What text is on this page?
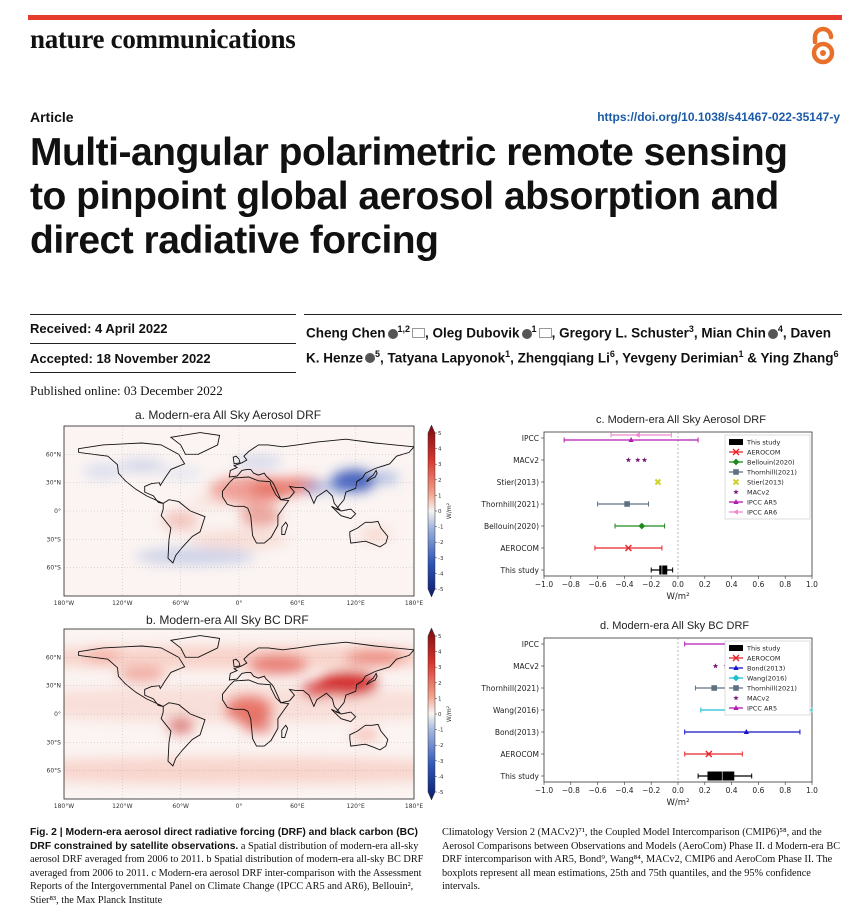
nature communications
Article	https://doi.org/10.1038/s41467-022-35147-y
Multi-angular polarimetric remote sensing to pinpoint global aerosol absorption and direct radiative forcing
Received: 4 April 2022
Accepted: 18 November 2022
Published online: 03 December 2022
Cheng Chen $^{1,2}$ , Oleg Dubovik $^1$ , Gregory L. Schuster$^3$, Mian Chin $^4$, Daven K. Henze $^5$, Tatyana Lapyonok$^1$, Zhengqiang Li$^6$, Yevgeny Derimian$^1$ & Ying Zhang$^6$
a. Modern-era All Sky Aerosol DRF
180°W	120°W	60°W	0°	60°E	120°E	180°E
60°N
30°N
0°
30°S
60°S
5
4
3
2
1
0
-1
-2
-3
-4
-5
W/m²
b. Modern-era All Sky BC DRF
180°W	120°W	60°W	0°	60°E	120°E	180°E
60°N
30°N
0°
30°S
60°S
5
4
3
2
1
0
-1
-2
-3
-4
-5
W/m²
c. Modern-era All Sky Aerosol DRF
−1.0 −0.8 −0.6 −0.4 −0.2 0.0 0.2 0.4 0.6 0.8 1.0
W/m²
IPCC
MACv2
Stier(2013)
Thornhill(2021)
Bellouin(2020)
AEROCOM
This study
This study
AEROCOM
Bellouin(2020)
Thornhill(2021)
Stier(2013)
MACv2
IPCC AR5
IPCC AR6
d. Modern-era All Sky BC DRF
−1.0 −0.8 −0.6 −0.4 −0.2 0.0 0.2 0.4 0.6 0.8 1.0
W/m²
IPCC
MACv2
Thornhill(2021)
Wang(2016)
Bond(2013)
AEROCOM
This study
This study
AEROCOM
Bond(2013)
Wang(2016)
Thornhill(2021)
MACv2
IPCC AR5
Fig. 2 | Modern-era aerosol direct radiative forcing (DRF) and black carbon (BC) DRF constrained by satellite observations. a Spatial distribution of modern-era all-sky aerosol DRF averaged from 2006 to 2011. b Spatial distribution of modern-era all-sky BC DRF averaged from 2006 to 2011. c Modern-era aerosol DRF inter-comparison with the Assessment Reports of the Intergovernmental Panel on Climate Change (IPCC AR5 and AR6), Bellouin², Stier⁸³, the Max Planck Institute
Climatology Version 2 (MACv2)⁷¹, the Coupled Model Intercomparison (CMIP6)⁵⁸, and the Aerosol Comparisons between Observations and Models (AeroCom) Phase II. d Modern-era BC DRF intercomparison with AR5, Bond⁹, Wang⁸⁴, MACv2, CMIP6 and AeroCom Phase II. The boxplots represent all mean estimations, 25th and 75th quantiles, and the 95% confidence intervals.
